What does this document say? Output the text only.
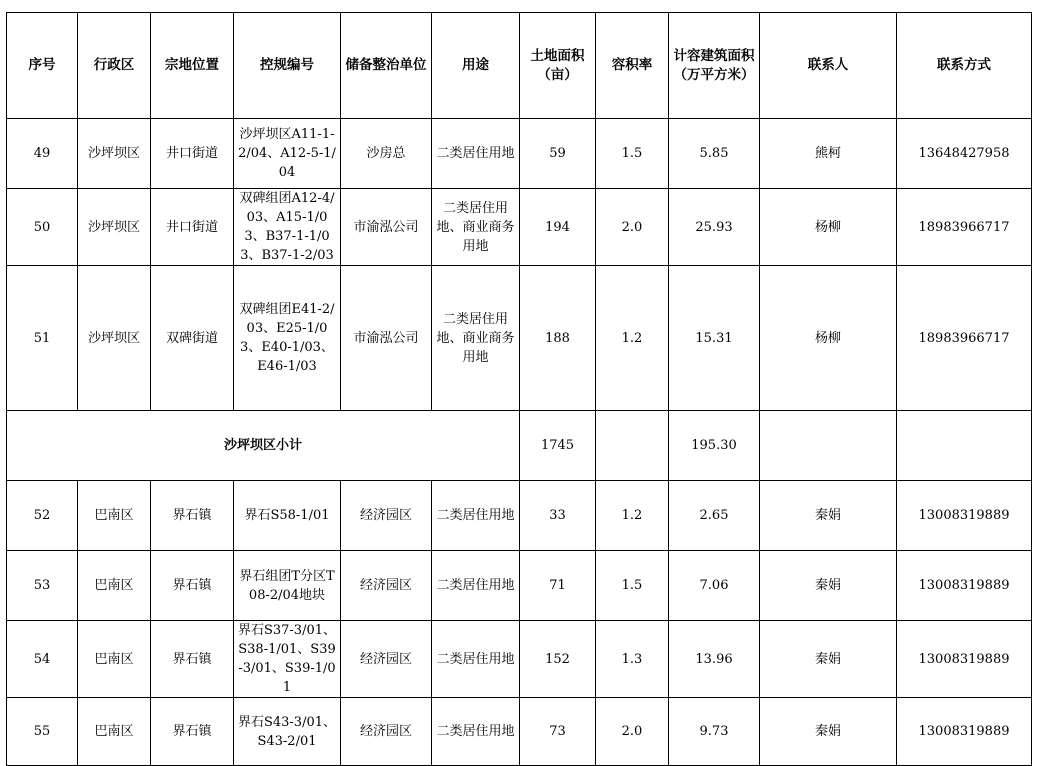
序号	行政区	宗地位置	控规编号	储备整治单位	用途	土地面积（亩）	容积率	计容建筑面积（万平方米）	联系人	联系方式
49	沙坪坝区	井口街道	沙坪坝区A11-1-2/04、A12-5-1/04	沙房总	二类居住用地	59	1.5	5.85	熊柯	13648427958
50	沙坪坝区	井口街道	双碑组团A12-4/03、A15-1/03、B37-1-1/03、B37-1-2/03	市渝泓公司	二类居住用地、商业商务用地	194	2.0	25.93	杨柳	18983966717
51	沙坪坝区	双碑街道	双碑组团E41-2/03、E25-1/03、E40-1/03、E46-1/03	市渝泓公司	二类居住用地、商业商务用地	188	1.2	15.31	杨柳	18983966717
沙坪坝区小计						1745		195.30		
52	巴南区	界石镇	界石S58-1/01	经济园区	二类居住用地	33	1.2	2.65	秦娟	13008319889
53	巴南区	界石镇	界石组团T分区T08-2/04地块	经济园区	二类居住用地	71	1.5	7.06	秦娟	13008319889
54	巴南区	界石镇	界石S37-3/01、S38-1/01、S39-3/01、S39-1/01	经济园区	二类居住用地	152	1.3	13.96	秦娟	13008319889
55	巴南区	界石镇	界石S43-3/01、S43-2/01	经济园区	二类居住用地	73	2.0	9.73	秦娟	13008319889
